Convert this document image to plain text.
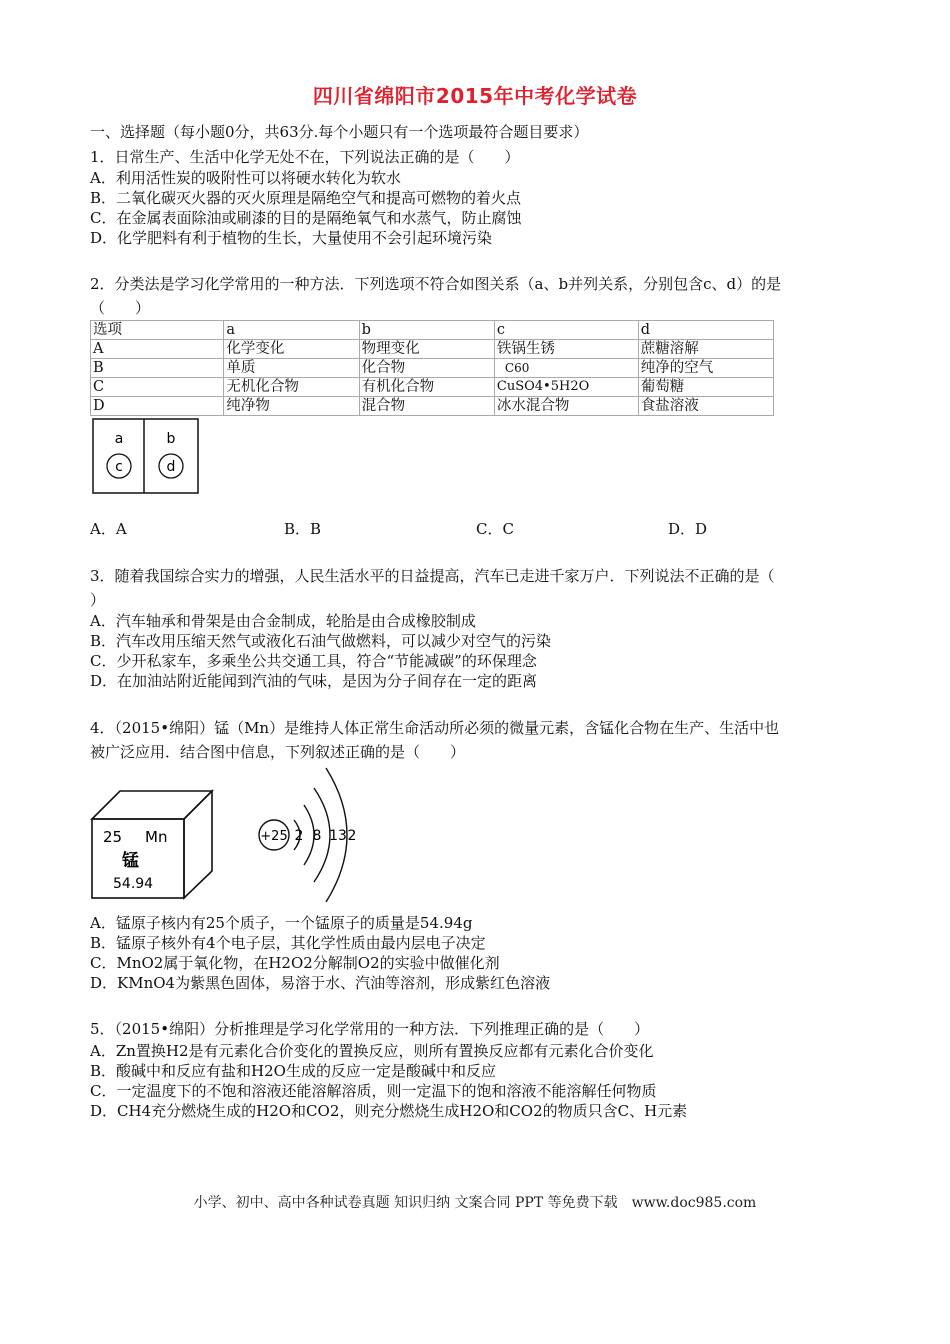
四川省绵阳市2015年中考化学试卷
一、选择题（每小题0分，共63分.每个小题只有一个选项最符合题目要求）
1．日常生产、生活中化学无处不在，下列说法正确的是（　　）
A．利用活性炭的吸附性可以将硬水转化为软水
B．二氧化碳灭火器的灭火原理是隔绝空气和提高可燃物的着火点
C．在金属表面除油或刷漆的目的是隔绝氧气和水蒸气，防止腐蚀
D．化学肥料有利于植物的生长，大量使用不会引起环境污染
2．分类法是学习化学常用的一种方法．下列选项不符合如图关系（a、b并列关系，分别包含c、d）的是
（　　）
选项	a	b	c	d
A	化学变化	物理变化	铁锅生锈	蔗糖溶解
B	单质	化合物	C60	纯净的空气
C	无机化合物	有机化合物	CuSO4•5H2O	葡萄糖
D	纯净物	混合物	冰水混合物	食盐溶液
a	b
c	d
A．A	B．B	C．C	D．D
3．随着我国综合实力的增强，人民生活水平的日益提高，汽车已走进千家万户．下列说法不正确的是（
）
A．汽车轴承和骨架是由合金制成，轮胎是由合成橡胶制成
B．汽车改用压缩天然气或液化石油气做燃料，可以减少对空气的污染
C．少开私家车，多乘坐公共交通工具，符合“节能减碳”的环保理念
D．在加油站附近能闻到汽油的气味，是因为分子间存在一定的距离
4．（2015•绵阳）锰（Mn）是维持人体正常生命活动所必须的微量元素，含锰化合物在生产、生活中也
被广泛应用．结合图中信息，下列叙述正确的是（　　）
25 Mn
锰
54.94
+25 2 8 13 2
A．锰原子核内有25个质子，一个锰原子的质量是54.94g
B．锰原子核外有4个电子层，其化学性质由最内层电子决定
C．MnO2属于氧化物，在H2O2分解制O2的实验中做催化剂
D．KMnO4为紫黑色固体，易溶于水、汽油等溶剂，形成紫红色溶液
5．（2015•绵阳）分析推理是学习化学常用的一种方法．下列推理正确的是（　　）
A．Zn置换H2是有元素化合价变化的置换反应，则所有置换反应都有元素化合价变化
B．酸碱中和反应有盐和H2O生成的反应一定是酸碱中和反应
C．一定温度下的不饱和溶液还能溶解溶质，则一定温下的饱和溶液不能溶解任何物质
D．CH4充分燃烧生成的H2O和CO2，则充分燃烧生成H2O和CO2的物质只含C、H元素
小学、初中、高中各种试卷真题 知识归纳 文案合同 PPT 等免费下载　www.doc985.com
